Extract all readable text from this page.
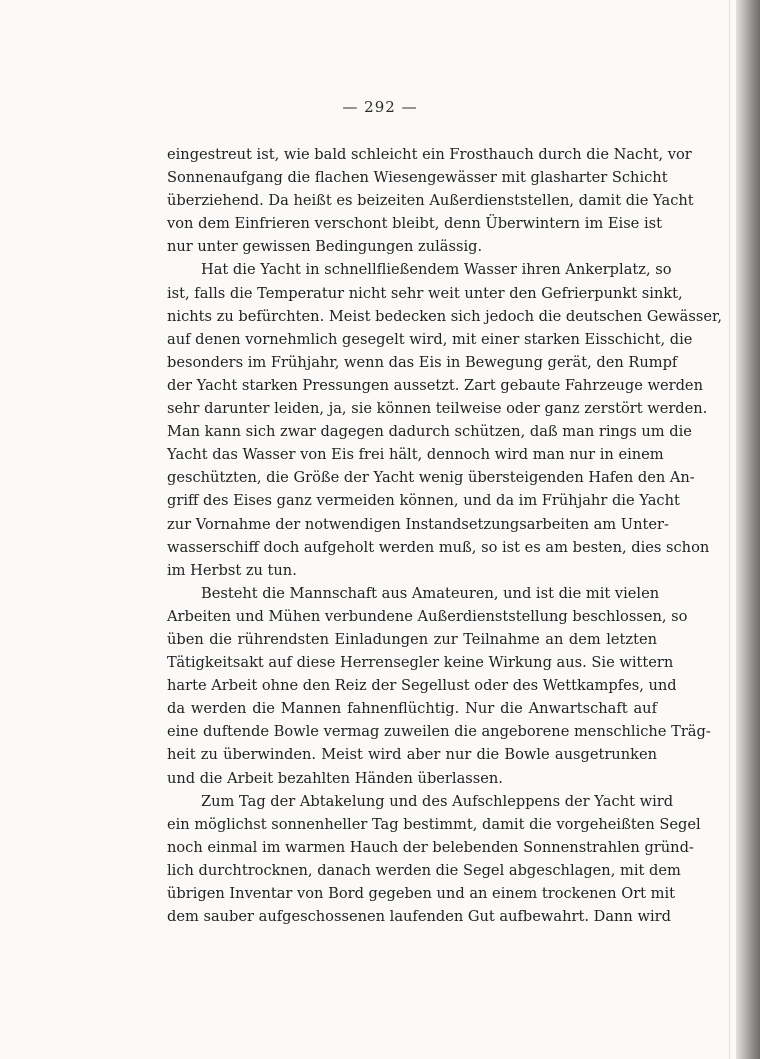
— 292 —
eingestreut ist, wie bald schleicht ein Frosthauch durch die Nacht, vor
Sonnenaufgang die flachen Wiesengewässer mit glasharter Schicht
überziehend. Da heißt es beizeiten Außerdienststellen, damit die Yacht
von dem Einfrieren verschont bleibt, denn Überwintern im Eise ist
nur unter gewissen Bedingungen zulässig.
Hat die Yacht in schnellfließendem Wasser ihren Ankerplatz, so
ist, falls die Temperatur nicht sehr weit unter den Gefrierpunkt sinkt,
nichts zu befürchten. Meist bedecken sich jedoch die deutschen Gewässer,
auf denen vornehmlich gesegelt wird, mit einer starken Eisschicht, die
besonders im Frühjahr, wenn das Eis in Bewegung gerät, den Rumpf
der Yacht starken Pressungen aussetzt. Zart gebaute Fahrzeuge werden
sehr darunter leiden, ja, sie können teilweise oder ganz zerstört werden.
Man kann sich zwar dagegen dadurch schützen, daß man rings um die
Yacht das Wasser von Eis frei hält, dennoch wird man nur in einem
geschützten, die Größe der Yacht wenig übersteigenden Hafen den An-
griff des Eises ganz vermeiden können, und da im Frühjahr die Yacht
zur Vornahme der notwendigen Instandsetzungsarbeiten am Unter-
wasserschiff doch aufgeholt werden muß, so ist es am besten, dies schon
im Herbst zu tun.
Besteht die Mannschaft aus Amateuren, und ist die mit vielen
Arbeiten und Mühen verbundene Außerdienststellung beschlossen, so
üben die rührendsten Einladungen zur Teilnahme an dem letzten
Tätigkeitsakt auf diese Herrensegler keine Wirkung aus. Sie wittern
harte Arbeit ohne den Reiz der Segellust oder des Wettkampfes, und
da werden die Mannen fahnenflüchtig. Nur die Anwartschaft auf
eine duftende Bowle vermag zuweilen die angeborene menschliche Träg-
heit zu überwinden. Meist wird aber nur die Bowle ausgetrunken
und die Arbeit bezahlten Händen überlassen.
Zum Tag der Abtakelung und des Aufschleppens der Yacht wird
ein möglichst sonnenheller Tag bestimmt, damit die vorgeheißten Segel
noch einmal im warmen Hauch der belebenden Sonnenstrahlen gründ-
lich durchtrocknen, danach werden die Segel abgeschlagen, mit dem
übrigen Inventar von Bord gegeben und an einem trockenen Ort mit
dem sauber aufgeschossenen laufenden Gut aufbewahrt. Dann wird
